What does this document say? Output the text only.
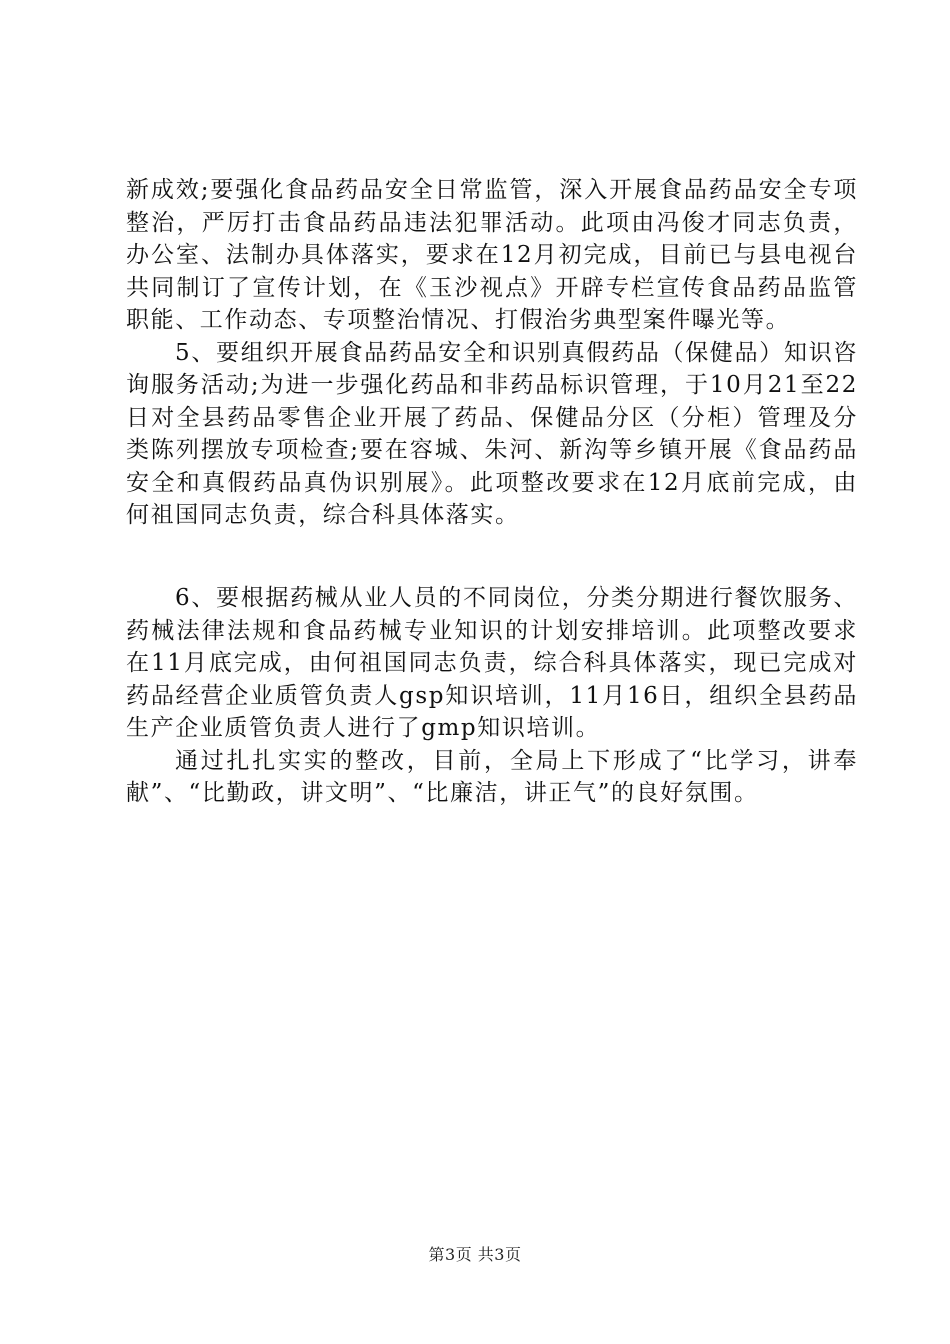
新成效;要强化食品药品安全日常监管，深入开展食品药品安全专项整治，严厉打击食品药品违法犯罪活动。此项由冯俊才同志负责，办公室、法制办具体落实，要求在12月初完成，目前已与县电视台共同制订了宣传计划，在《玉沙视点》开辟专栏宣传食品药品监管职能、工作动态、专项整治情况、打假治劣典型案件曝光等。

5、要组织开展食品药品安全和识别真假药品（保健品）知识咨询服务活动;为进一步强化药品和非药品标识管理，于10月21至22日对全县药品零售企业开展了药品、保健品分区（分柜）管理及分类陈列摆放专项检查;要在容城、朱河、新沟等乡镇开展《食品药品安全和真假药品真伪识别展》。此项整改要求在12月底前完成，由何祖国同志负责，综合科具体落实。

6、要根据药械从业人员的不同岗位，分类分期进行餐饮服务、药械法律法规和食品药械专业知识的计划安排培训。此项整改要求在11月底完成，由何祖国同志负责，综合科具体落实，现已完成对药品经营企业质管负责人gsp知识培训，11月16日，组织全县药品生产企业质管负责人进行了gmp知识培训。

通过扎扎实实的整改，目前，全局上下形成了“比学习，讲奉献”、“比勤政，讲文明”、“比廉洁，讲正气”的良好氛围。

第3页 共3页
